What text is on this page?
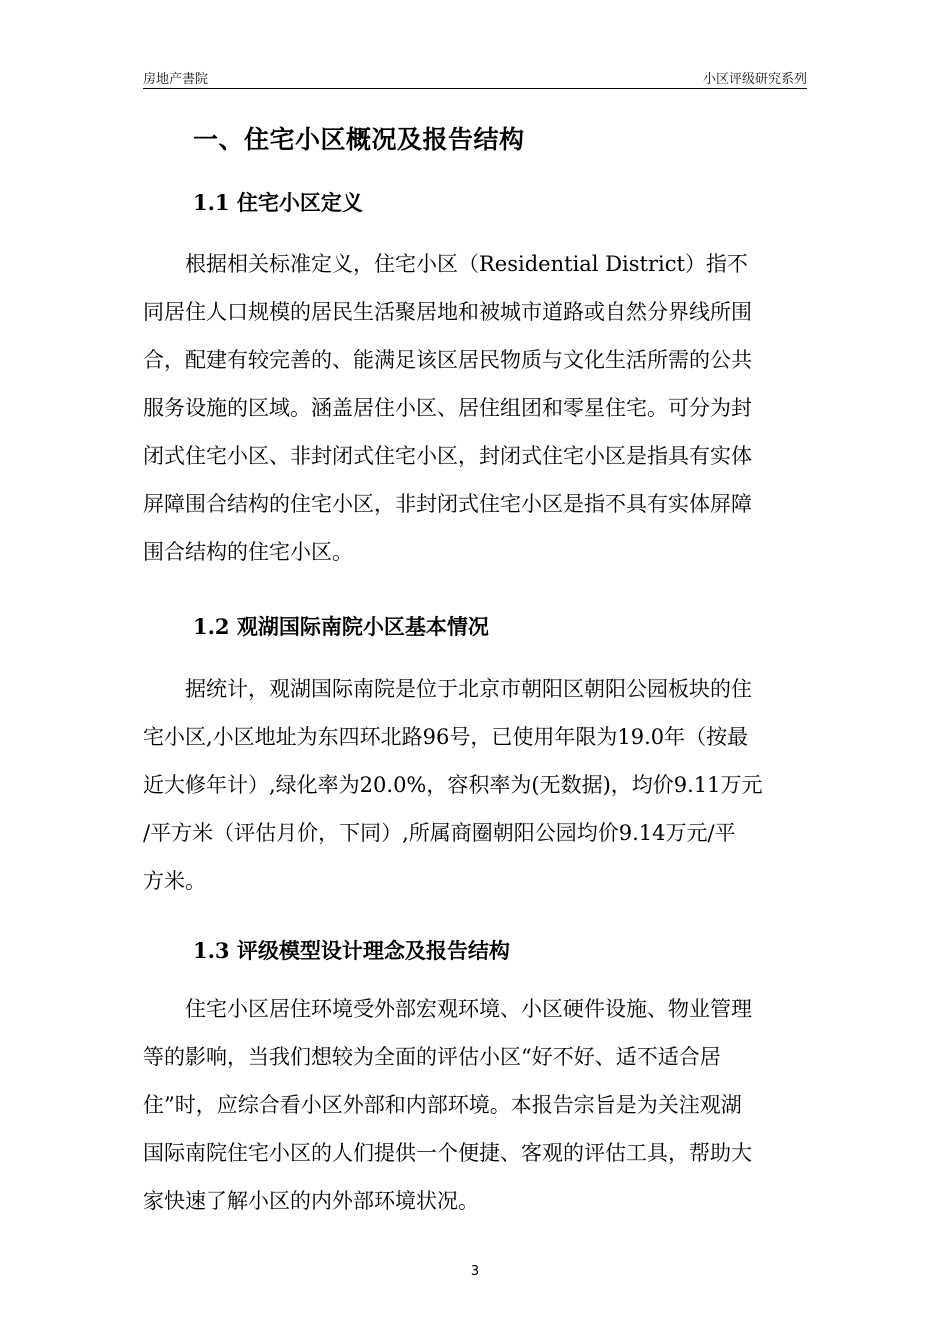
房地产書院	小区评级研究系列
一、住宅小区概况及报告结构
1.1 住宅小区定义
　　根据相关标准定义，住宅小区（Residential District）指不
同居住人口规模的居民生活聚居地和被城市道路或自然分界线所围
合，配建有较完善的、能满足该区居民物质与文化生活所需的公共
服务设施的区域。涵盖居住小区、居住组团和零星住宅。可分为封
闭式住宅小区、非封闭式住宅小区，封闭式住宅小区是指具有实体
屏障围合结构的住宅小区，非封闭式住宅小区是指不具有实体屏障
围合结构的住宅小区。
1.2 观湖国际南院小区基本情况
　　据统计，观湖国际南院是位于北京市朝阳区朝阳公园板块的住
宅小区,小区地址为东四环北路96号，已使用年限为19.0年（按最
近大修年计）,绿化率为20.0%，容积率为(无数据)，均价9.11万元
/平方米（评估月价，下同）,所属商圈朝阳公园均价9.14万元/平
方米。
1.3 评级模型设计理念及报告结构
　　住宅小区居住环境受外部宏观环境、小区硬件设施、物业管理
等的影响，当我们想较为全面的评估小区“好不好、适不适合居
住”时，应综合看小区外部和内部环境。本报告宗旨是为关注观湖
国际南院住宅小区的人们提供一个便捷、客观的评估工具，帮助大
家快速了解小区的内外部环境状况。
3
